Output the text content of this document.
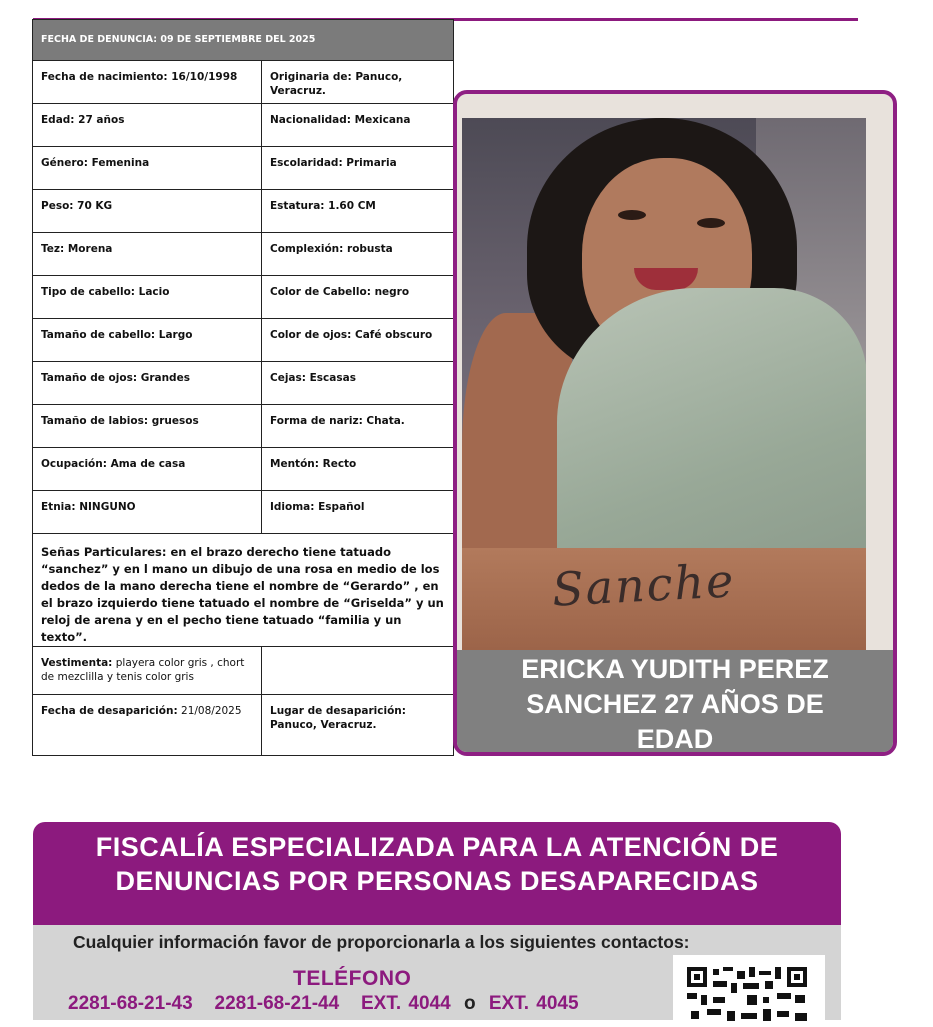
FECHA DE DENUNCIA: 09 DE SEPTIEMBRE DEL 2025	
Fecha de nacimiento: 16/10/1998	Originaria de: Panuco, Veracruz.
Edad: 27 años	Nacionalidad: Mexicana
Género: Femenina	Escolaridad: Primaria
Peso: 70 KG	Estatura: 1.60 CM
Tez: Morena	Complexión: robusta
Tipo de cabello: Lacio	Color de Cabello: negro
Tamaño de cabello: Largo	Color de ojos: Café obscuro
Tamaño de ojos: Grandes	Cejas: Escasas
Tamaño de labios: gruesos	Forma de nariz: Chata.
Ocupación: Ama de casa	Mentón: Recto
Etnia: NINGUNO	Idioma: Español
Señas Particulares: en el brazo derecho tiene tatuado “sanchez” y en l mano un dibujo de una rosa en medio de los dedos de la mano derecha tiene el nombre de “Gerardo” , en el brazo izquierdo tiene tatuado el nombre de “Griselda” y un reloj de arena y en el pecho tiene tatuado “familia y un texto”.	
Vestimenta: playera color gris , chort de mezclilla y tenis color gris	
Fecha de desaparición: 21/08/2025	Lugar de desaparición: Panuco, Veracruz.
Sanche
ERICKA YUDITH PEREZ
SANCHEZ 27 AÑOS DE
EDAD
FISCALÍA ESPECIALIZADA PARA LA ATENCIÓN DE
DENUNCIAS POR PERSONAS DESAPARECIDAS
Cualquier información favor de proporcionarla a los siguientes contactos:
TELÉFONO
2281-68-21-43 2281-68-21-44 EXT. 4044 o EXT. 4045
